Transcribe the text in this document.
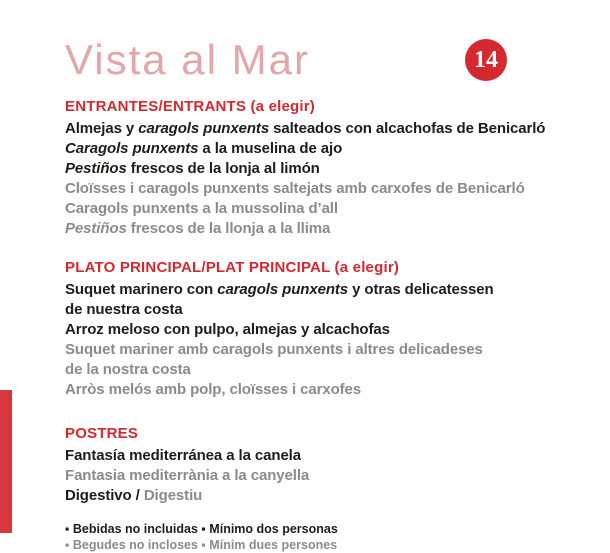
Vista al Mar
ENTRANTES/ENTRANTS (a elegir)

Almejas y caragols punxents salteados con alcachofas de Benicarló

Caragols punxents a la muselina de ajo

Pestiños frescos de la lonja al limón

Cloïsses i caragols punxents saltejats amb carxofes de Benicarló

Caragols punxents a la mussolina d’all

Pestiños frescos de la llonja a la llima

PLATO PRINCIPAL/PLAT PRINCIPAL (a elegir)

Suquet marinero con caragols punxents y otras delicatessen

de nuestra costa

Arroz meloso con pulpo, almejas y alcachofas

Suquet mariner amb caragols punxents i altres delicadeses

de la nostra costa

Arròs melós amb polp, cloïsses i carxofes

POSTRES

Fantasía mediterránea a la canela

Fantasia mediterrània a la canyella

Digestivo / Digestiu

▪ Bebidas no incluidas ▪ Mínimo dos personas

▪ Begudes no incloses ▪ Mínim dues persones

14
